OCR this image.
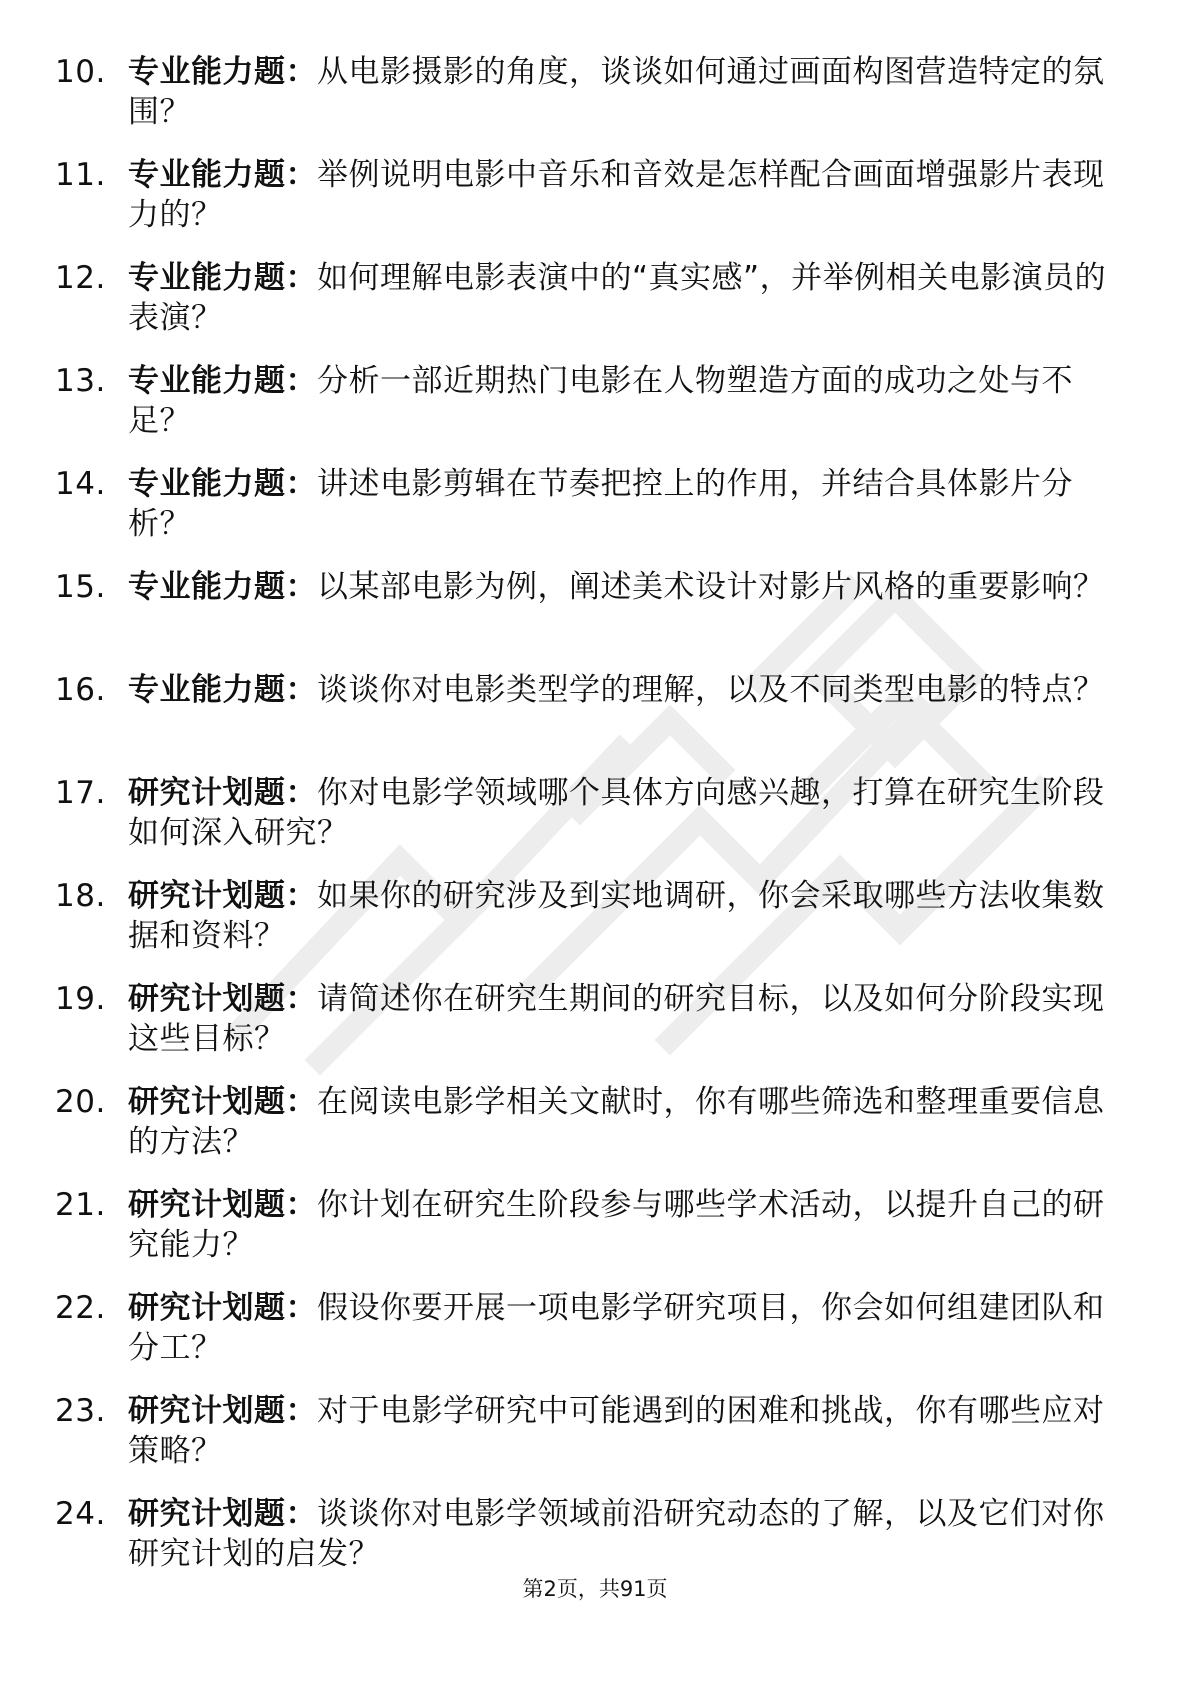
10. 专业能力题：从电影摄影的角度，谈谈如何通过画面构图营造特定的氛围？
11. 专业能力题：举例说明电影中音乐和音效是怎样配合画面增强影片表现力的？
12. 专业能力题：如何理解电影表演中的“真实感”，并举例相关电影演员的表演？
13. 专业能力题：分析一部近期热门电影在人物塑造方面的成功之处与不足？
14. 专业能力题：讲述电影剪辑在节奏把控上的作用，并结合具体影片分析？
15. 专业能力题：以某部电影为例，阐述美术设计对影片风格的重要影响？
16. 专业能力题：谈谈你对电影类型学的理解，以及不同类型电影的特点？
17. 研究计划题：你对电影学领域哪个具体方向感兴趣，打算在研究生阶段如何深入研究？
18. 研究计划题：如果你的研究涉及到实地调研，你会采取哪些方法收集数据和资料？
19. 研究计划题：请简述你在研究生期间的研究目标，以及如何分阶段实现这些目标？
20. 研究计划题：在阅读电影学相关文献时，你有哪些筛选和整理重要信息的方法？
21. 研究计划题：你计划在研究生阶段参与哪些学术活动，以提升自己的研究能力？
22. 研究计划题：假设你要开展一项电影学研究项目，你会如何组建团队和分工？
23. 研究计划题：对于电影学研究中可能遇到的困难和挑战，你有哪些应对策略？
24. 研究计划题：谈谈你对电影学领域前沿研究动态的了解，以及它们对你研究计划的启发？
第2页，共91页
